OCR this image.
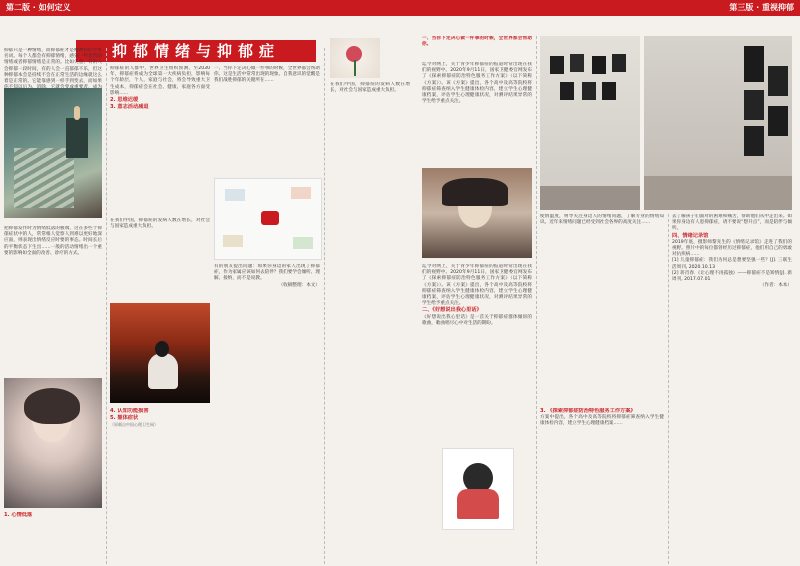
第二版 · 如何定义	第三版 · 重视抑郁
抑郁情绪与抑郁症

抑郁只是一种情绪，而抑郁症才是精神科的学术名词。每个人都会有抑郁情绪，感到一些悲伤的情绪或者抑郁情绪是正常的。比如失恋、有的人会抑郁一段时间，有的人会一直郁郁不乐，但这种抑郁本会是持续不会在正常生活的边缘就这么着是正常的。它能靠感到一样手到变去，而如果

把抑郁发作时为情绪低落的极端，这在多些于抑郁症状中的人，常常根人觉察人到难以更好地深应面，则表现出情绪反应时要的事态。时间长后的平衡状态下生出……一般的活动情绪出一个重要的影响如全面的改善、诊疗的方式。

1. 心情低落

抑郁症的人群中，世界卫生组织预测，至2030年，抑郁症将成为全球第一大疾病负担，影响每个年龄层，个人，家庭与社会，将会导致重大卫生成本，抑郁症会在社会、健康、家庭各方面受影响……

2. 思维迟缓

3. 意志活动减退

在我们中国，抑郁症的发病人数在增长，对社会与国家造成重大负担。

4. 认知功能损害

5. 躯体症状

（原载自中国心理卫生网）

一、当你下定决心做一件事的时候，全世界都会帮助你。这是生活中常常出现的现象。自我意识的觉醒是我们战胜抑郁的关键所在……

有的朋友提出问题：如果你身边的家人出现了抑郁症，作为家属应该如何去陪伴？我们要学会倾听、理解、接纳，而不是说教。

（收稿整理：本文）

在我们中国，抑郁症的发病人数在增长，对社会与国家造成重大负担。

一、当你下定决心做一件事的时候，全世界都会帮助你。

迄今对网上，关于青少年抑郁症的报道时常出现在我们的视野中。2020年9月11日，国家卫健委官网发布了《探索抑郁症防治特色服务工作方案》（以下简称《方案》）。该《方案》提出，各个高中及高等院校将抑郁症筛查纳入学生健康体检内容，建立学生心理健康档案，评估学生心理健康状况，对测评结果异常的学生给予重点关注。

迄今对网上，关于青少年抑郁症的报道时常出现在我们的视野中。2020年9月11日，国家卫健委官网发布了《探索抑郁症防治特色服务工作方案》（以下简称《方案》）。该《方案》提出，各个高中及高等院校将抑郁症筛查纳入学生健康体检内容，建立学生心理健康档案，评估学生心理健康状况，对测评结果异常的学生给予重点关注。

二、《好想说出我心里话》

《好想说出我心里话》是一首关于抑郁症群体倾诉的歌曲，歌曲唱尽心中对生活的期盼。

使情温度，则导关注身边人的情绪问题，了解专业的情绪知识。近年来情绪问题已经受到社会各界的高度关注……

3. 《探索抑郁症防治特色服务工作方案》

方案中提出，各个高中及高等院校将抑郁症筛查纳入学生健康体检内容，建立学生心理健康档案……

去了解孩子们面对的困难和痛苦，帮助他们从中走出来。如果你身边有人患抑郁症，请不要说“想开点”，而是陪伴与倾听。

四、情绪记录馆

2019年底，摄影师黎先生的《情绪记录馆》走进了我们的视野。照片中的每位都曾经历过抑郁症，他们用自己的勇敢对抗疾病……

[1] 儿童抑郁症：我们为何总是想要坚强一些？[J]. 三联生活周刊, 2020.10.13
[2] 蒋肖春.《让心理不再孤独》——抑郁症不是矫情[J]. 新周刊, 2017.07.01

（作者：本本）
